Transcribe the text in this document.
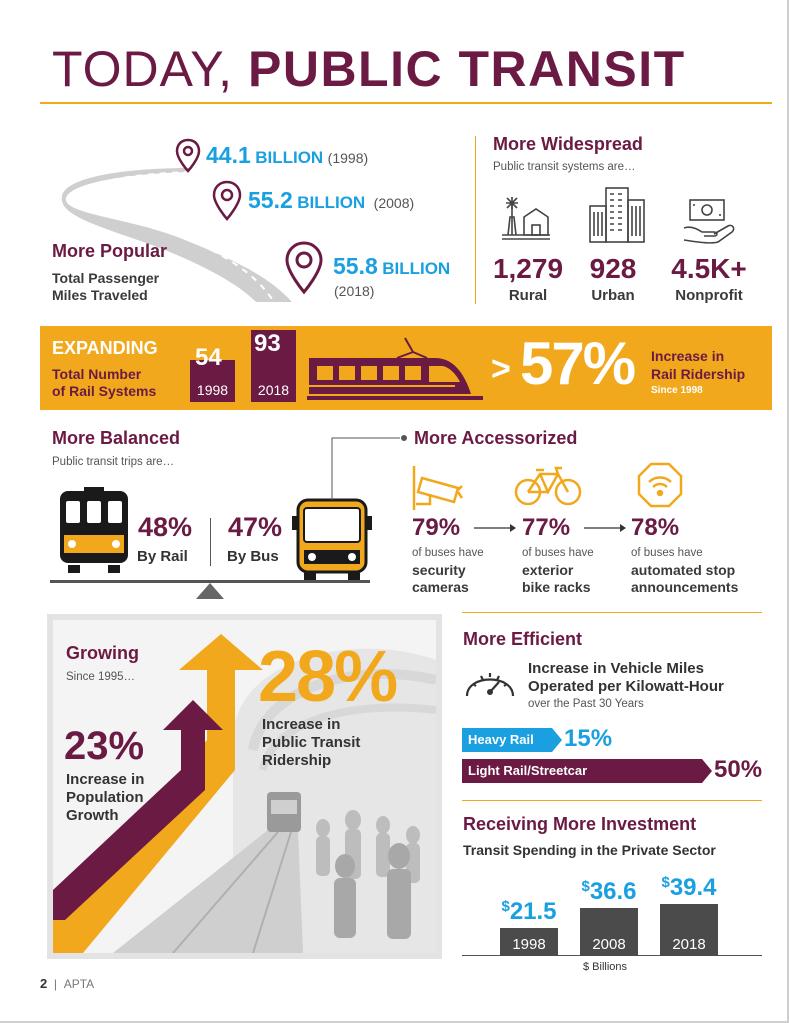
TODAY, PUBLIC TRANSIT
44.1 BILLION (1998)
55.2 BILLION (2008)
55.8 BILLION
(2018)
More Popular
Total Passenger
Miles Traveled
More Widespread
Public transit systems are…
1,279
Rural
928
Urban
4.5K+
Nonprofit
EXPANDING
Total Number
of Rail Systems	1998
54
2018
93
> 57% Increase in
Rail Ridership
Since 1998
More Balanced
Public transit trips are…
48%
By Rail
47%
By Bus
More Accessorized
79%	77%	78%
of buses have
security
cameras
of buses have
exterior
bike racks
of buses have
automated stop
announcements
Growing
Since 1995…
23%
Increase in
Population
Growth
28%
Increase in
Public Transit
Ridership
More Efficient
Increase in Vehicle Miles
Operated per Kilowatt-Hour
over the Past 30 Years
Heavy Rail 15%
Light Rail/Streetcar	50%
Receiving More Investment
Transit Spending in the Private Sector
1998
$21.5
2008
$36.6
2018
$39.4
$ Billions
2 | APTA
